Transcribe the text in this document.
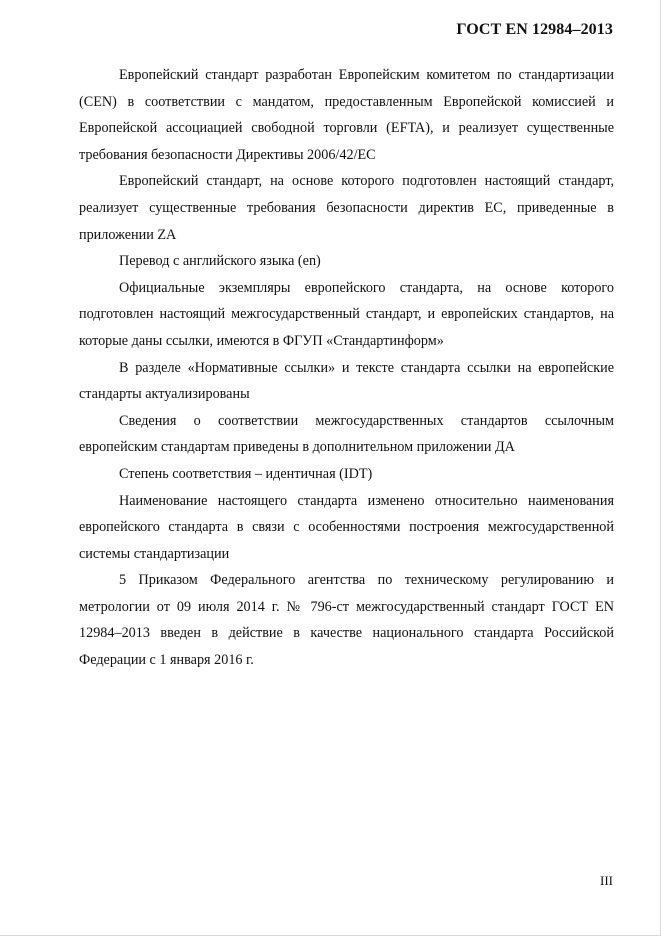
ГОСТ EN 12984–2013

Европейский стандарт разработан Европейским комитетом по стандартизации (CEN) в соответствии с мандатом, предоставленным Европейской комиссией и Европейской ассоциацией свободной торговли (EFTA), и реализует существенные требования безопасности Директивы 2006/42/ЕС

Европейский стандарт, на основе которого подготовлен настоящий стандарт, реализует существенные требования безопасности директив ЕС, приведенные в приложении ZA

Перевод с английского языка (en)

Официальные экземпляры европейского стандарта, на основе которого подготовлен настоящий межгосударственный стандарт, и европейских стандартов, на которые даны ссылки, имеются в ФГУП «Стандартинформ»

В разделе «Нормативные ссылки» и тексте стандарта ссылки на европейские стандарты актуализированы

Сведения о соответствии межгосударственных стандартов ссылочным европейским стандартам приведены в дополнительном приложении ДА

Степень соответствия – идентичная (IDT)

Наименование настоящего стандарта изменено относительно наименования европейского стандарта в связи с особенностями построения межгосударственной системы стандартизации

5 Приказом Федерального агентства по техническому регулированию и метрологии от 09 июля 2014 г. № 796-ст межгосударственный стандарт ГОСТ EN 12984–2013 введен в действие в качестве национального стандарта Российской Федерации с 1 января 2016 г.

III
